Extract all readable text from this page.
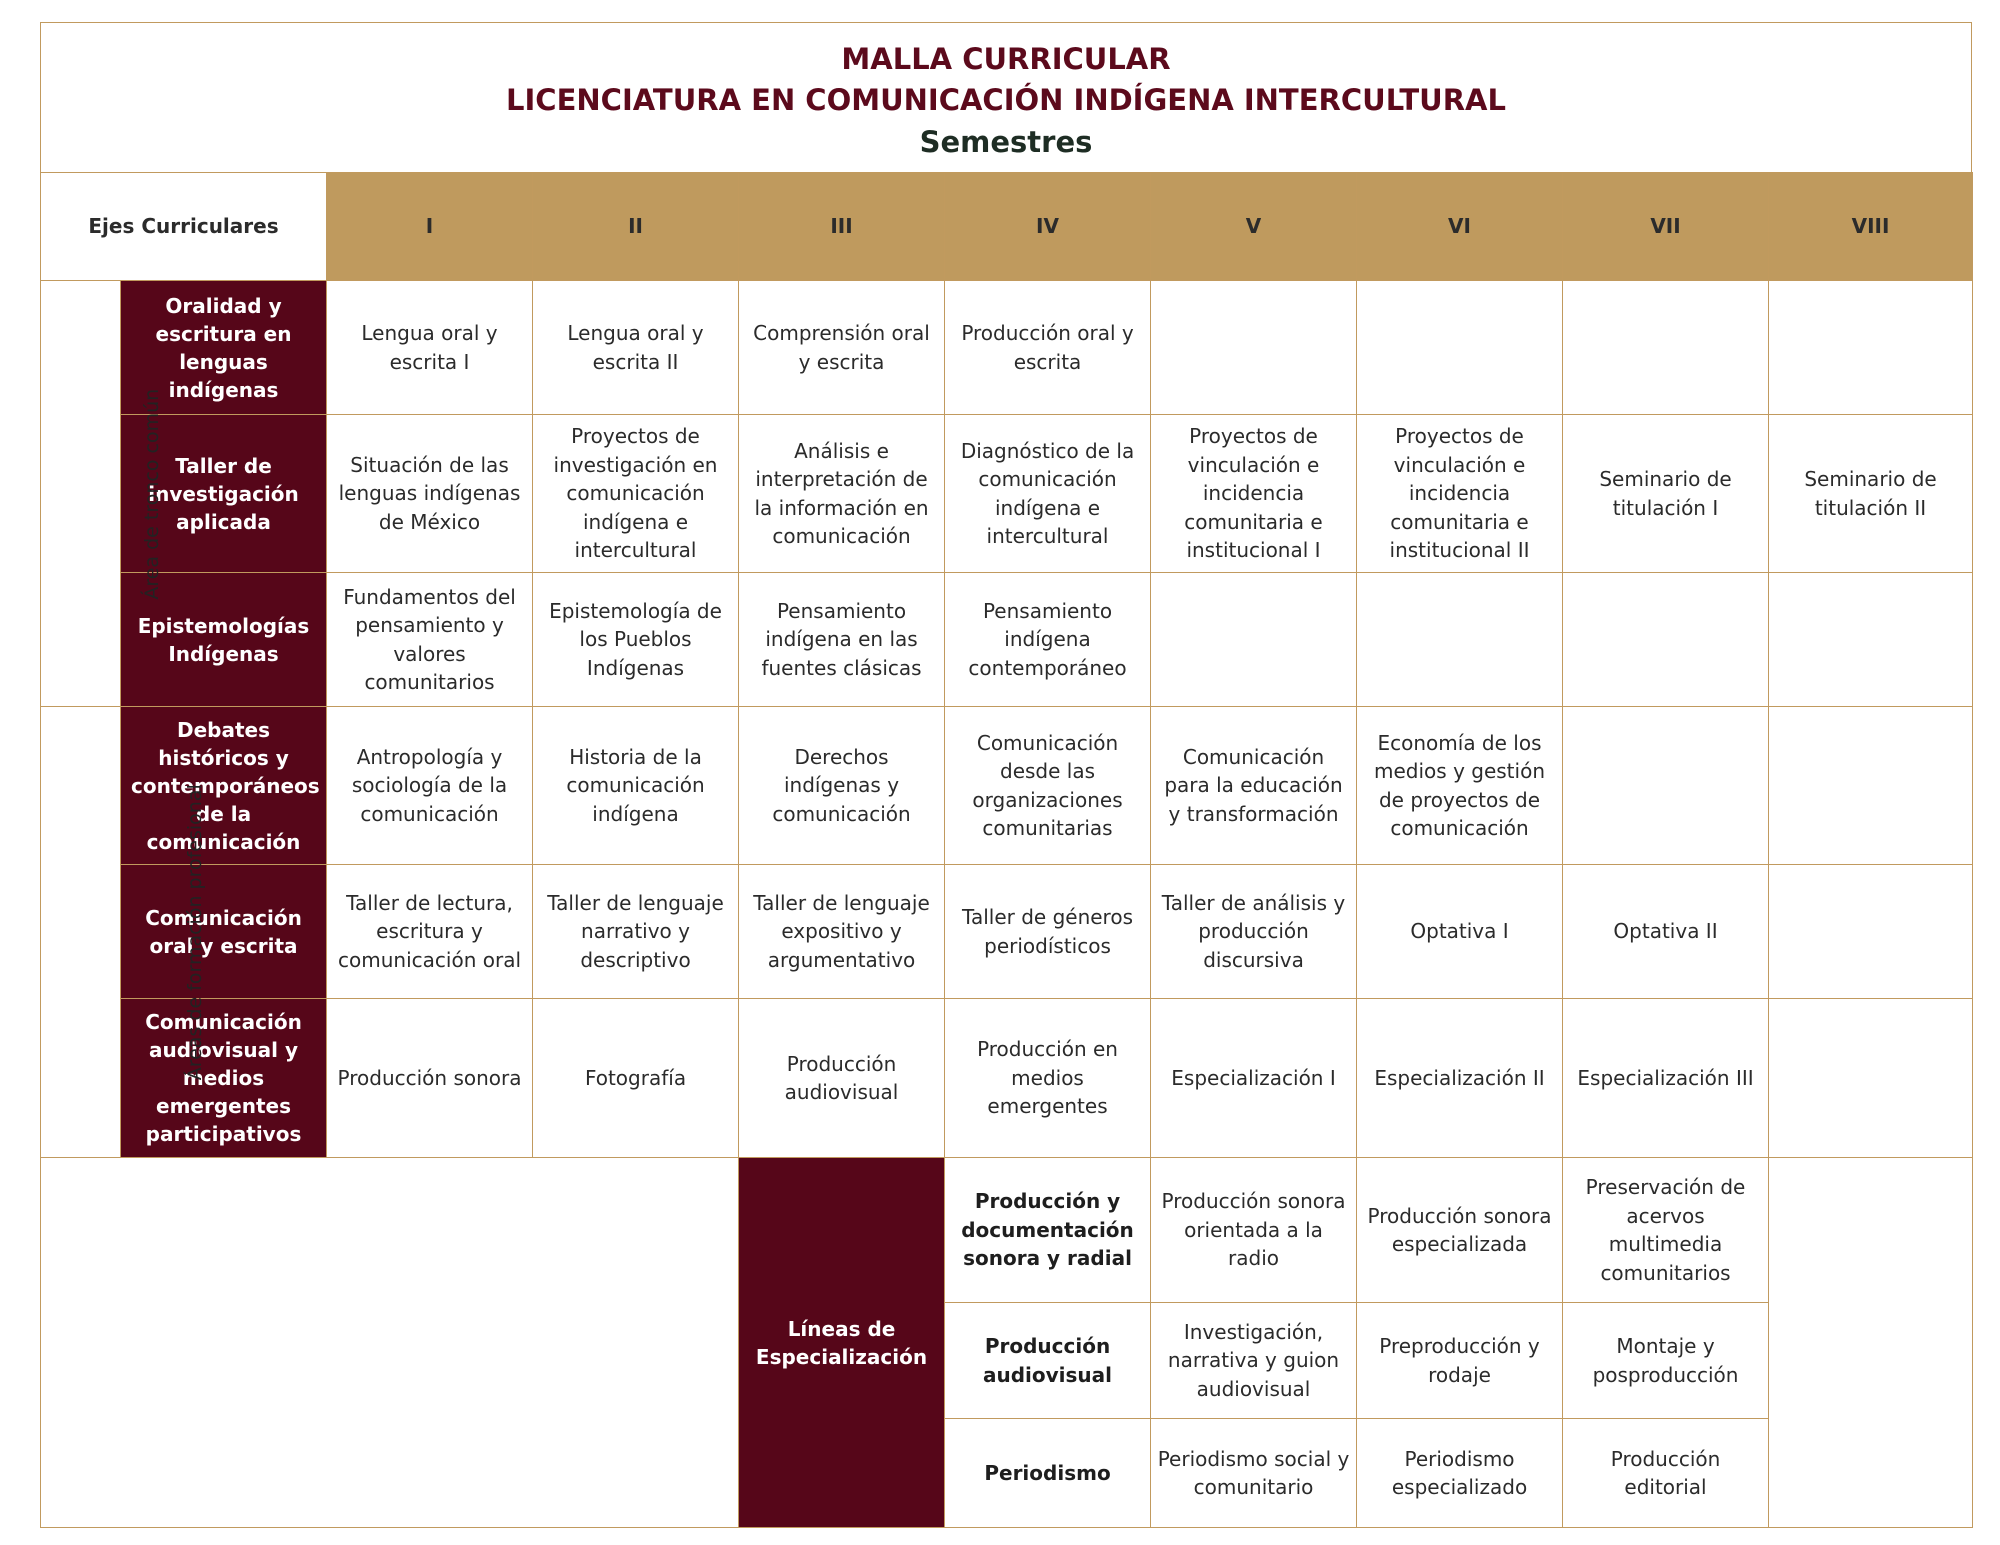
MALLA CURRICULAR
LICENCIATURA EN COMUNICACIÓN INDÍGENA INTERCULTURAL
Semestres
Ejes Curriculares		I	II	III	IV	V	VI	VII	VIII
Área de tronco común	Oralidad y escritura en lenguas indígenas	Lengua oral y escrita I	Lengua oral y escrita II	Comprensión oral y escrita	Producción oral y escrita				
	Taller de investigación aplicada	Situación de las lenguas indígenas de México	Proyectos de investigación en comunicación indígena e intercultural	Análisis e interpretación de la información en comunicación	Diagnóstico de la comunicación indígena e intercultural	Proyectos de vinculación e incidencia comunitaria e institucional I	Proyectos de vinculación e incidencia comunitaria e institucional II	Seminario de titulación I	Seminario de titulación II
	Epistemologías Indígenas	Fundamentos del pensamiento y valores comunitarios	Epistemología de los Pueblos Indígenas	Pensamiento indígena en las fuentes clásicas	Pensamiento indígena contemporáneo				
Áreas de formación profesional	Debates históricos y contemporáneos de la comunicación	Antropología y sociología de la comunicación	Historia de la comunicación indígena	Derechos indígenas y comunicación	Comunicación desde las organizaciones comunitarias	Comunicación para la educación y transformación	Economía de los medios y gestión de proyectos de comunicación		
	Comunicación oral y escrita	Taller de lectura, escritura y comunicación oral	Taller de lenguaje narrativo y descriptivo	Taller de lenguaje expositivo y argumentativo	Taller de géneros periodísticos	Taller de análisis y producción discursiva	Optativa I	Optativa II	
	Comunicación audiovisual y medios emergentes participativos	Producción sonora	Fotografía	Producción audiovisual	Producción en medios emergentes	Especialización I	Especialización II	Especialización III	
				Líneas de Especialización	Producción y documentación sonora y radial	Producción sonora orientada a la radio	Producción sonora especializada	Preservación de acervos multimedia comunitarios	
					Producción audiovisual	Investigación, narrativa y guion audiovisual	Preproducción y rodaje	Montaje y posproducción	
					Periodismo	Periodismo social y comunitario	Periodismo especializado	Producción editorial	
